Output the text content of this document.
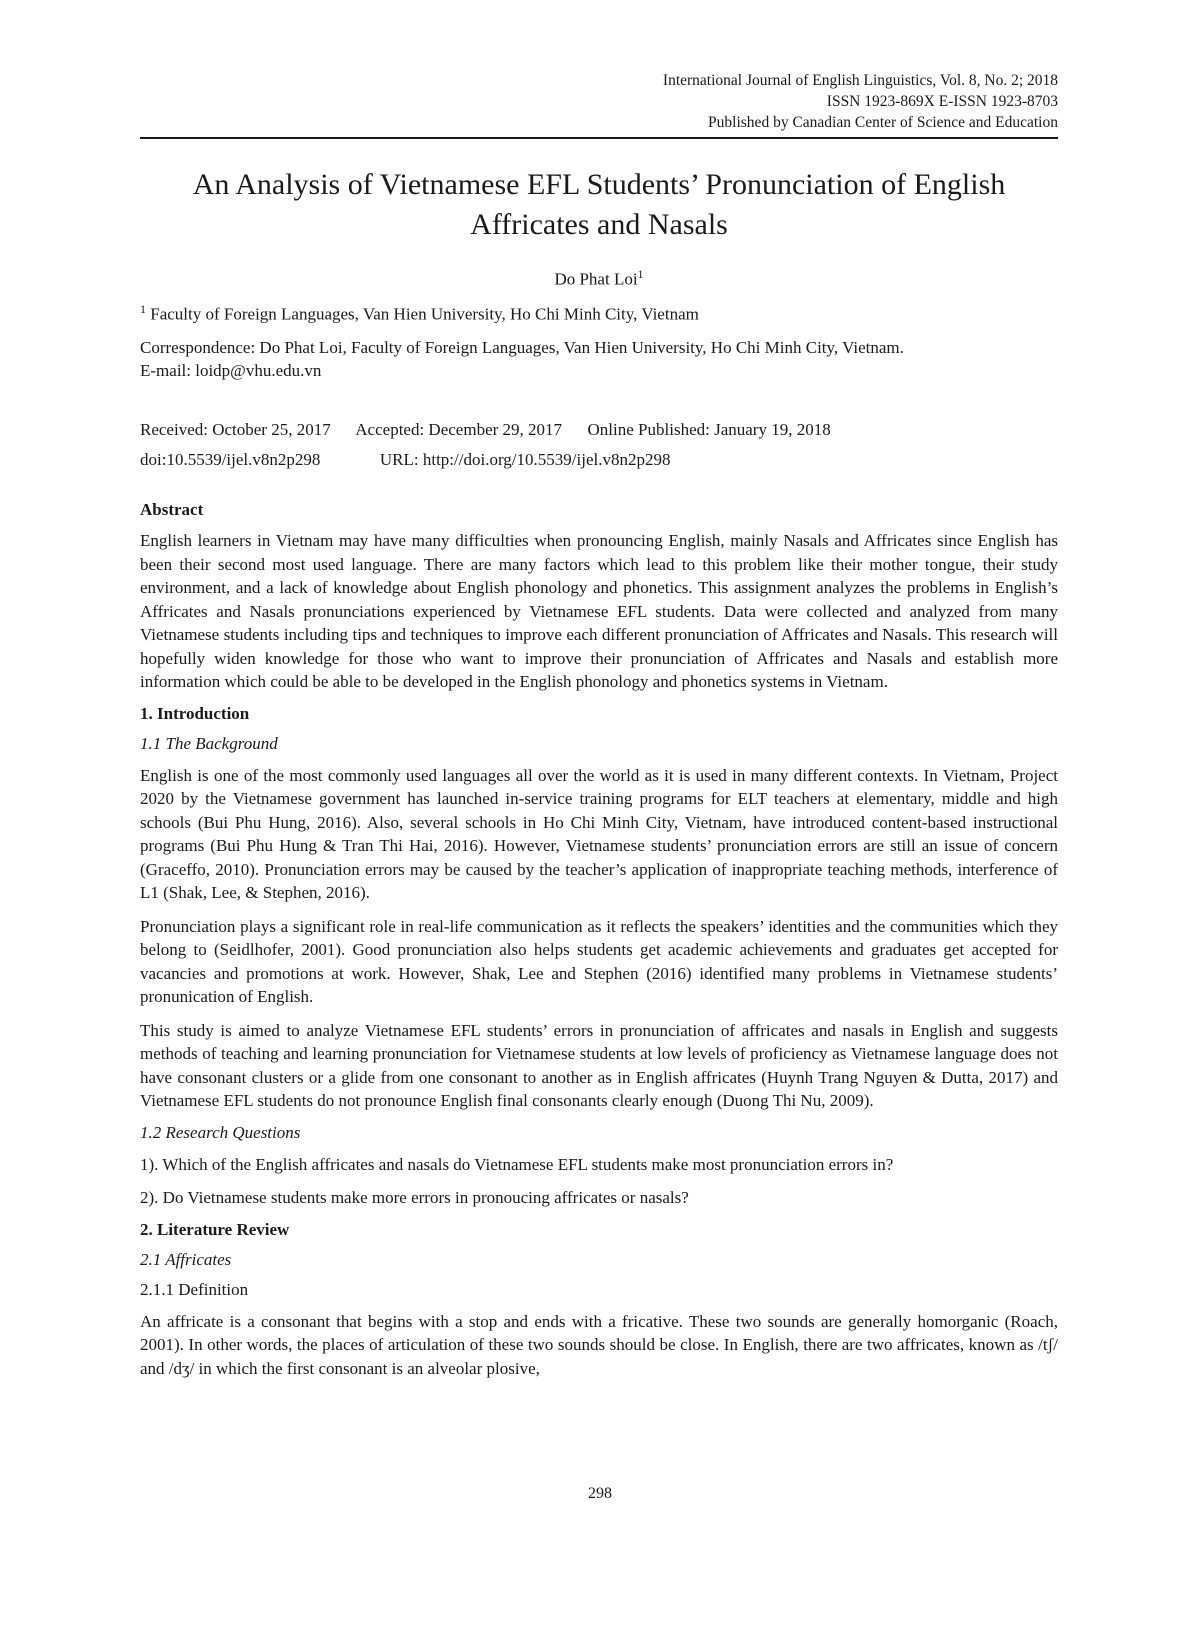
International Journal of English Linguistics, Vol. 8, No. 2; 2018
ISSN 1923-869X E-ISSN 1923-8703
Published by Canadian Center of Science and Education
An Analysis of Vietnamese EFL Students’ Pronunciation of English Affricates and Nasals
Do Phat Loi$^1$
$^1$ Faculty of Foreign Languages, Van Hien University, Ho Chi Minh City, Vietnam
Correspondence: Do Phat Loi, Faculty of Foreign Languages, Van Hien University, Ho Chi Minh City, Vietnam.
E-mail: loidp@vhu.edu.vn
Received: October 25, 2017 Accepted: December 29, 2017 Online Published: January 19, 2018
doi:10.5539/ijel.v8n2p298	URL: http://doi.org/10.5539/ijel.v8n2p298
Abstract

English learners in Vietnam may have many difficulties when pronouncing English, mainly Nasals and Affricates since English has been their second most used language. There are many factors which lead to this problem like their mother tongue, their study environment, and a lack of knowledge about English phonology and phonetics. This assignment analyzes the problems in English’s Affricates and Nasals pronunciations experienced by Vietnamese EFL students. Data were collected and analyzed from many Vietnamese students including tips and techniques to improve each different pronunciation of Affricates and Nasals. This research will hopefully widen knowledge for those who want to improve their pronunciation of Affricates and Nasals and establish more information which could be able to be developed in the English phonology and phonetics systems in Vietnam.

1. Introduction
1.1 The Background

English is one of the most commonly used languages all over the world as it is used in many different contexts. In Vietnam, Project 2020 by the Vietnamese government has launched in-service training programs for ELT teachers at elementary, middle and high schools (Bui Phu Hung, 2016). Also, several schools in Ho Chi Minh City, Vietnam, have introduced content-based instructional programs (Bui Phu Hung & Tran Thi Hai, 2016). However, Vietnamese students’ pronunciation errors are still an issue of concern (Graceffo, 2010). Pronunciation errors may be caused by the teacher’s application of inappropriate teaching methods, interference of L1 (Shak, Lee, & Stephen, 2016).

Pronunciation plays a significant role in real-life communication as it reflects the speakers’ identities and the communities which they belong to (Seidlhofer, 2001). Good pronunciation also helps students get academic achievements and graduates get accepted for vacancies and promotions at work. However, Shak, Lee and Stephen (2016) identified many problems in Vietnamese students’ pronunication of English.

This study is aimed to analyze Vietnamese EFL students’ errors in pronunciation of affricates and nasals in English and suggests methods of teaching and learning pronunciation for Vietnamese students at low levels of proficiency as Vietnamese language does not have consonant clusters or a glide from one consonant to another as in English affricates (Huynh Trang Nguyen & Dutta, 2017) and Vietnamese EFL students do not pronounce English final consonants clearly enough (Duong Thi Nu, 2009).

1.2 Research Questions
1). Which of the English affricates and nasals do Vietnamese EFL students make most pronunciation errors in?
2). Do Vietnamese students make more errors in pronoucing affricates or nasals?
2. Literature Review
2.1 Affricates
2.1.1 Definition

An affricate is a consonant that begins with a stop and ends with a fricative. These two sounds are generally homorganic (Roach, 2001). In other words, the places of articulation of these two sounds should be close. In English, there are two affricates, known as /tʃ/ and /dʒ/ in which the first consonant is an alveolar plosive,

298
